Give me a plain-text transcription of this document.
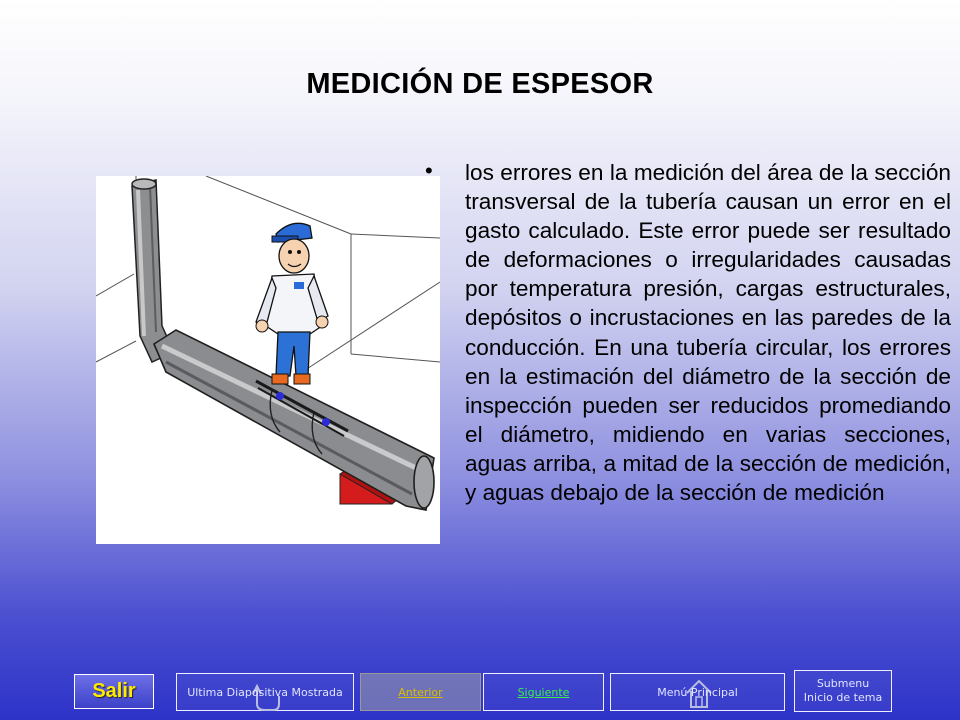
MEDICIÓN DE ESPESOR
• los errores en la medición del área de la sección transversal de la tubería causan un error en el gasto calculado. Este error puede ser resultado de deformaciones o irregularidades causadas por temperatura presión, cargas estructurales, depósitos o incrustaciones en las paredes de la conducción. En una tubería circular, los errores en la estimación del diámetro de la sección de inspección pueden ser reducidos promediando el diámetro, midiendo en varias secciones, aguas arriba, a mitad de la sección de medición, y aguas debajo de la sección de medición
Salir	Ultima Diapositiva Mostrada	Anterior	Siguiente	Menú Principal
Submenu
Inicio de tema
